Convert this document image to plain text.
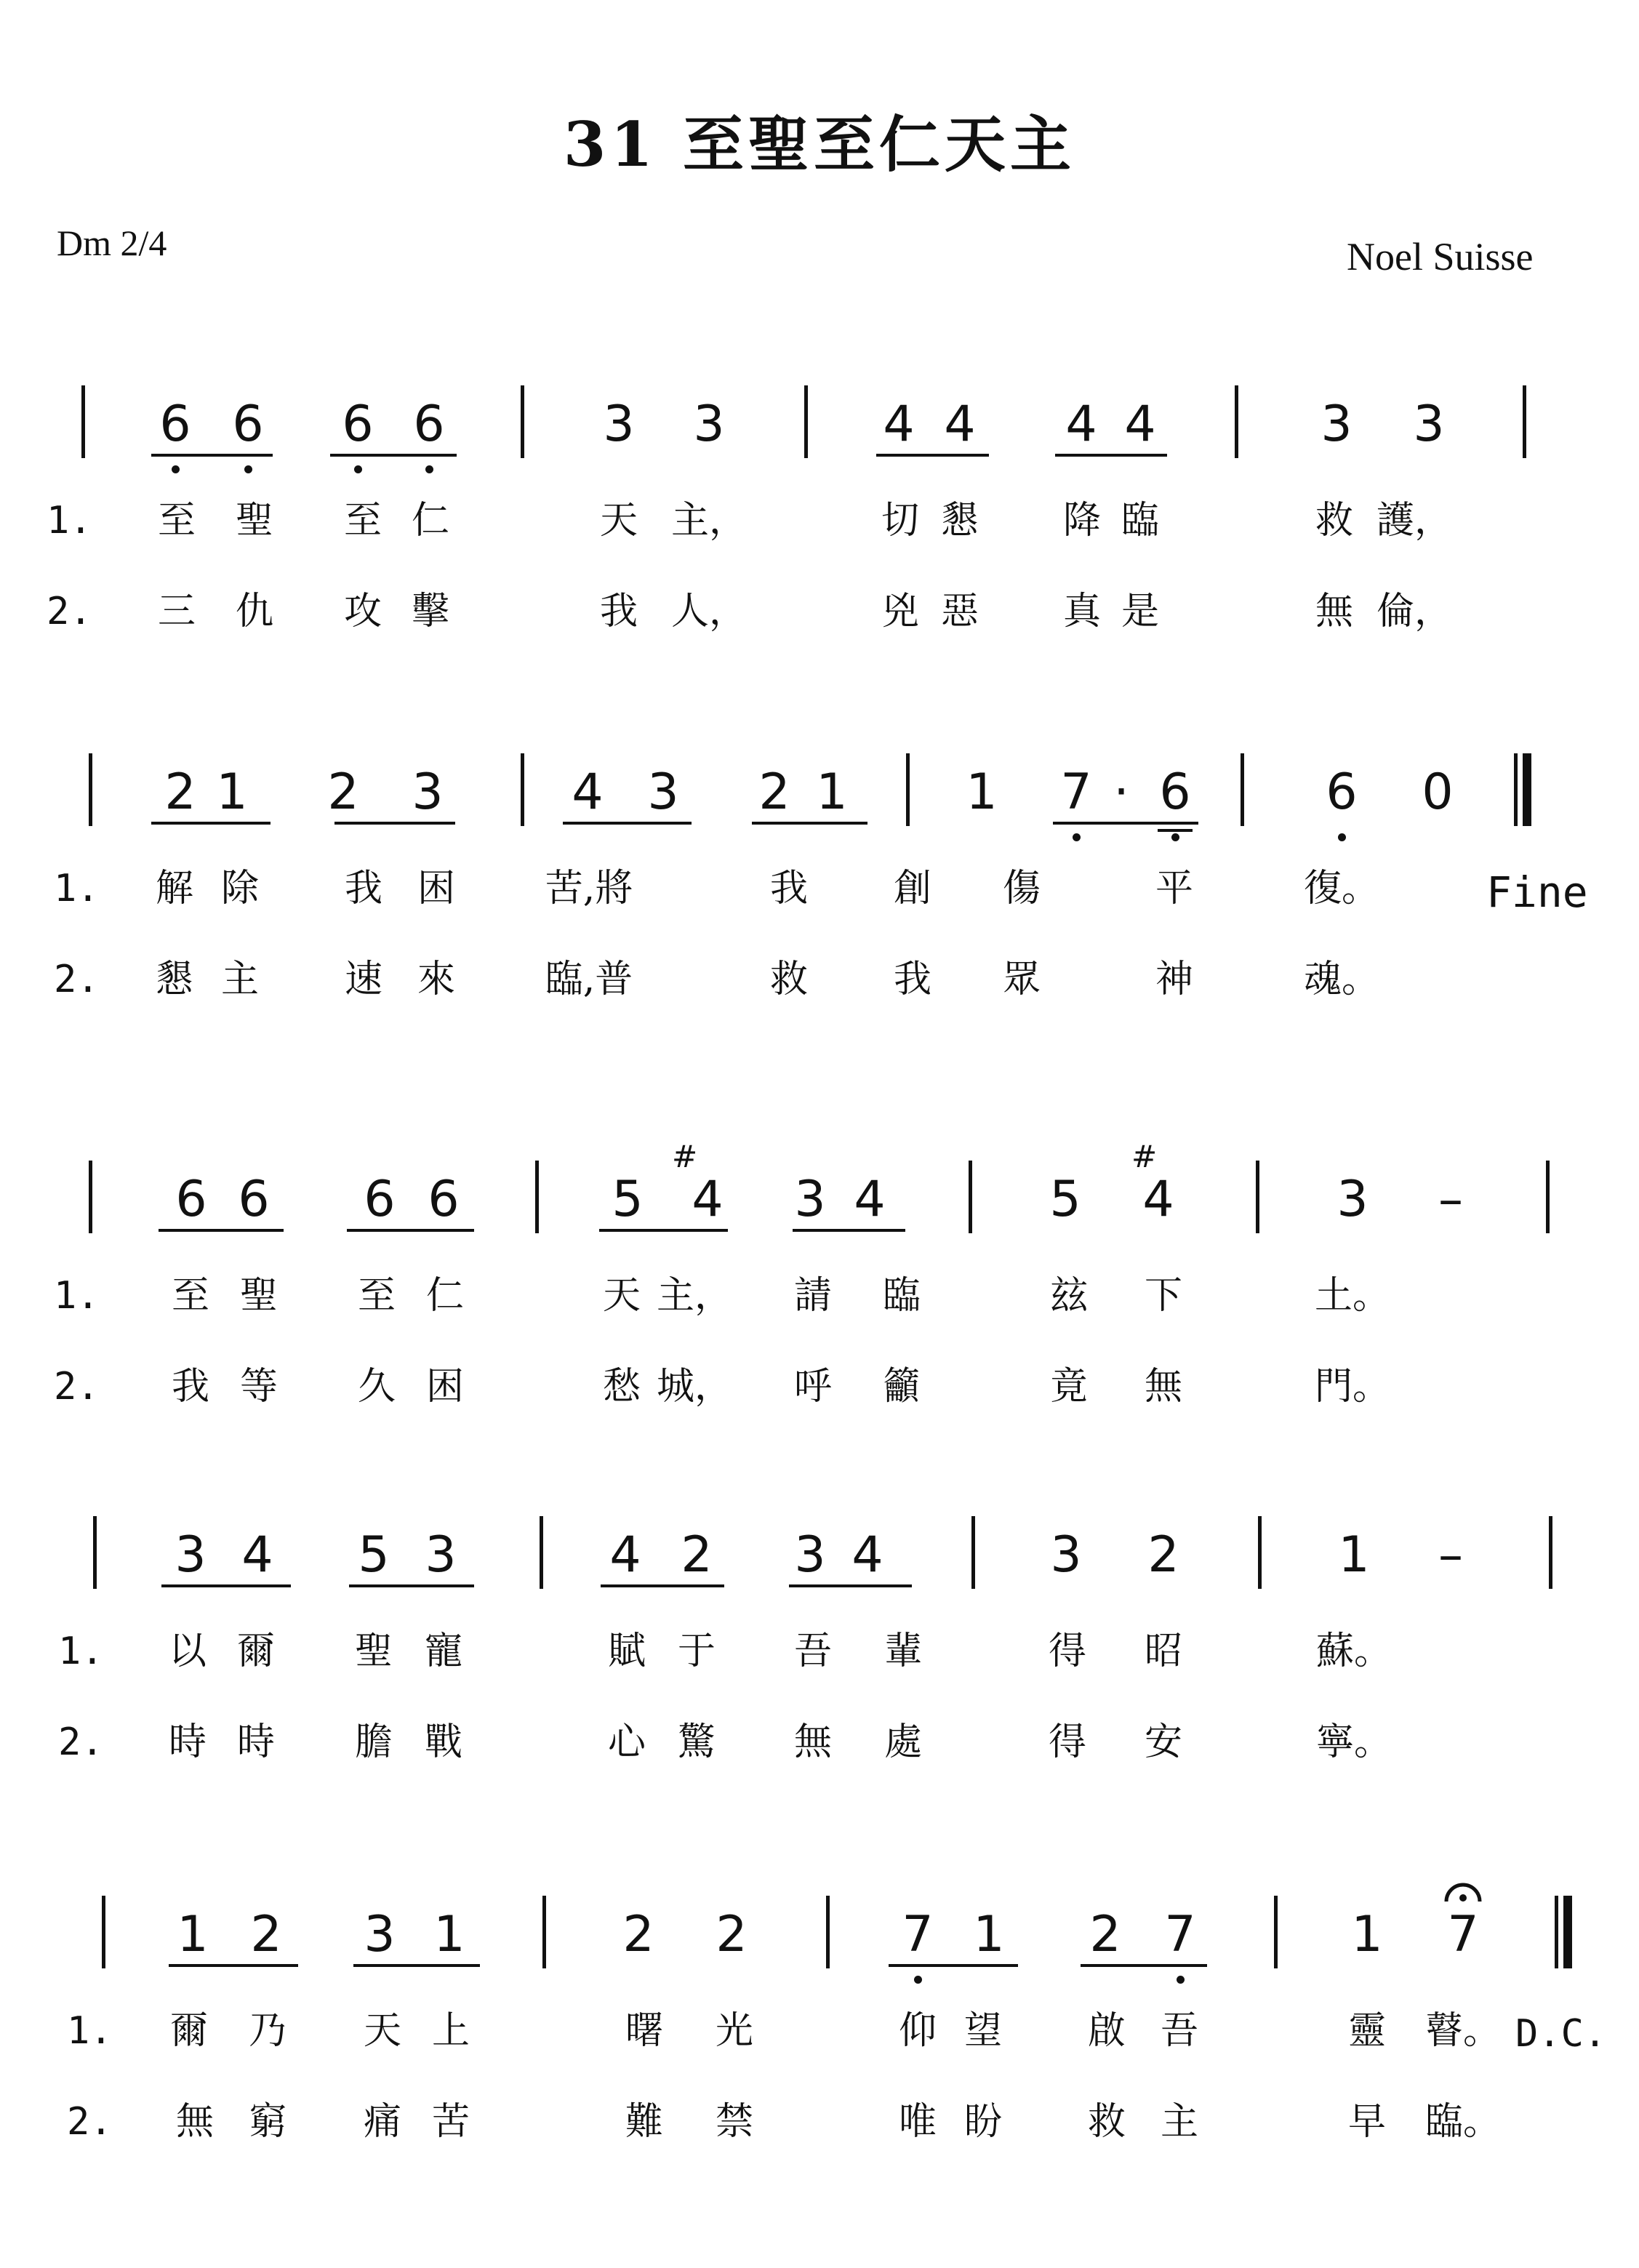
31 至聖至仁天主
Dm 2/4	Noel Suisse
6 6 6 6	3 3	4 4 4 4	3 3
1.
2.
至 聖 至 仁	天 主，	切 懇 降 臨	救 護，
三 仇 攻 擊	我 人，	兇 惡 真 是	無 倫，
2 1 2 3	4 3 2 1 1 7 · 6	6 0
1.
2.
解 除 我 困 苦,將	我 創 傷	平	復。
懇 主 速 來 臨,普	救 我 眾	神	魂。
6 6 6 6	5 4 3 4	5 4	3 –
#	#
1.
2.
至 聖 至 仁	天 主， 請 臨	玆 下	土。
我 等 久 困	愁 城， 呼 籲	竟 無	門。
3 4 5 3	4 2 3 4	3 2	1 –
1.
2.
以 爾 聖 寵	賦 于 吾 輩	得 昭	蘇。
時 時 膽 戰	心 驚 無 處	得 安	寧。
1 2 3 1	2 2	7 1 2 7	1 7
1.
2.
爾 乃 天 上	曙 光	仰 望 啟 吾	靈 瞽。
無 窮 痛 苦	難 禁	唯 盼 救 主	早 臨。
Fine
D.C.
